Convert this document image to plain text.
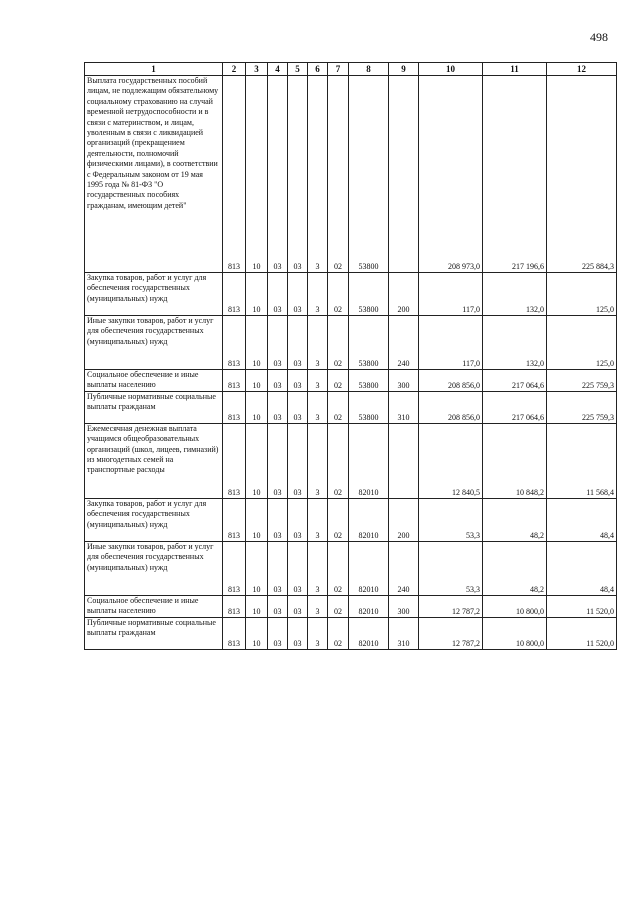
498
1	2	3	4	5	6	7	8	9	10	11	12
Выплата государственных пособий лицам, не подлежащим обязательному социальному страхованию на случай временной нетрудоспособности и в связи с материнством, и лицам, уволенным в связи с ликвидацией организаций (прекращением деятельности, полномочий физическими лицами), в соответствии с Федеральным законом от 19 мая 1995 года № 81-ФЗ "О государственных пособиях гражданам, имеющим детей"	813	10	03	03	3	02	53800		208 973,0	217 196,6	225 884,3
Закупка товаров, работ и услуг для обеспечения государственных (муниципальных) нужд	813	10	03	03	3	02	53800	200	117,0	132,0	125,0
Иные закупки товаров, работ и услуг для обеспечения государственных (муниципальных) нужд	813	10	03	03	3	02	53800	240	117,0	132,0	125,0
Социальное обеспечение и иные выплаты населению	813	10	03	03	3	02	53800	300	208 856,0	217 064,6	225 759,3
Публичные нормативные социальные выплаты гражданам	813	10	03	03	3	02	53800	310	208 856,0	217 064,6	225 759,3
Ежемесячная денежная выплата учащимся общеобразовательных организаций (школ, лицеев, гимназий) из многодетных семей на транспортные расходы	813	10	03	03	3	02	82010		12 840,5	10 848,2	11 568,4
Закупка товаров, работ и услуг для обеспечения государственных (муниципальных) нужд	813	10	03	03	3	02	82010	200	53,3	48,2	48,4
Иные закупки товаров, работ и услуг для обеспечения государственных (муниципальных) нужд	813	10	03	03	3	02	82010	240	53,3	48,2	48,4
Социальное обеспечение и иные выплаты населению	813	10	03	03	3	02	82010	300	12 787,2	10 800,0	11 520,0
Публичные нормативные социальные выплаты гражданам	813	10	03	03	3	02	82010	310	12 787,2	10 800,0	11 520,0
